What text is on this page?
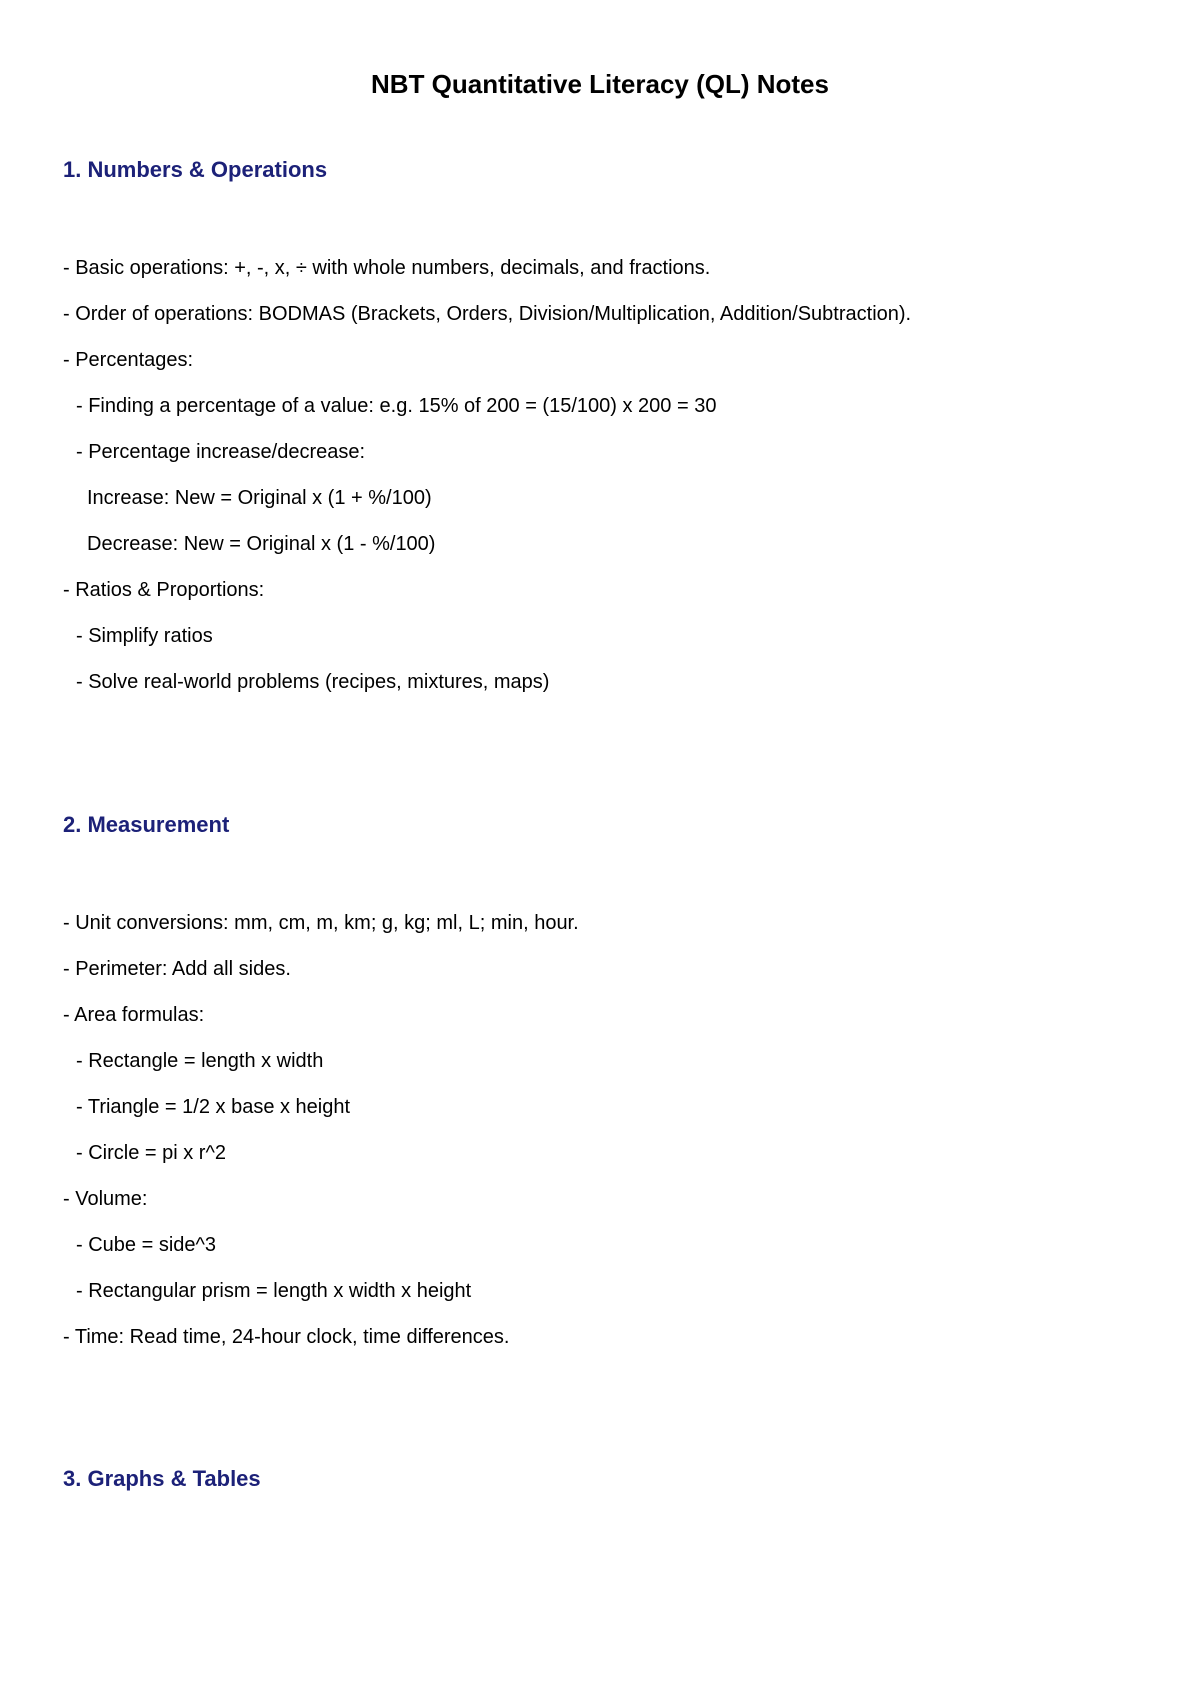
NBT Quantitative Literacy (QL) Notes
1. Numbers & Operations

- Basic operations: +, -, x, ÷ with whole numbers, decimals, and fractions.

- Order of operations: BODMAS (Brackets, Orders, Division/Multiplication, Addition/Subtraction).

- Percentages:

- Finding a percentage of a value: e.g. 15% of 200 = (15/100) x 200 = 30

- Percentage increase/decrease:

Increase: New = Original x (1 + %/100)

Decrease: New = Original x (1 - %/100)

- Ratios & Proportions:

- Simplify ratios

- Solve real-world problems (recipes, mixtures, maps)

2. Measurement

- Unit conversions: mm, cm, m, km; g, kg; ml, L; min, hour.

- Perimeter: Add all sides.

- Area formulas:

- Rectangle = length x width

- Triangle = 1/2 x base x height

- Circle = pi x r^2

- Volume:

- Cube = side^3

- Rectangular prism = length x width x height

- Time: Read time, 24-hour clock, time differences.

3. Graphs & Tables
